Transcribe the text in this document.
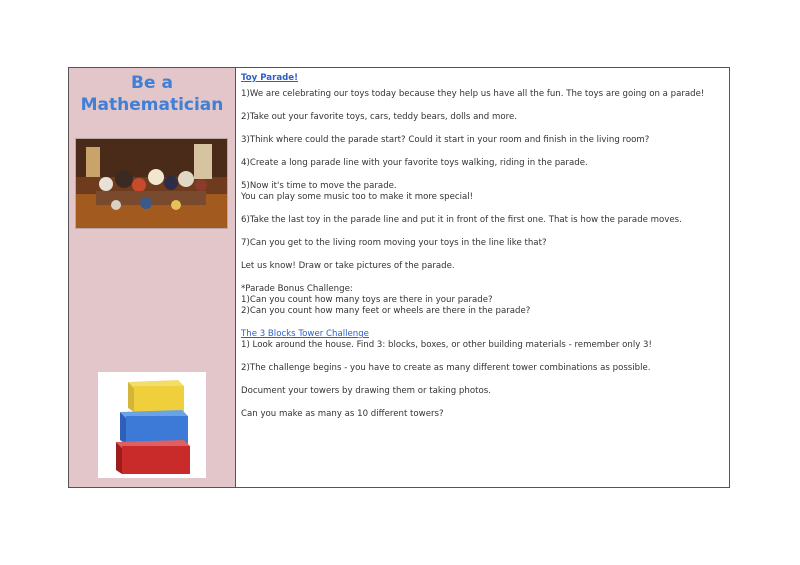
Be a
Mathematician

Toy Parade!

1)We are celebrating our toys today because they help us have all the fun. The toys are going on a parade!

2)Take out your favorite toys, cars, teddy bears, dolls and more.

3)Think where could the parade start? Could it start in your room and finish in the living room?

4)Create a long parade line with your favorite toys walking, riding in the parade.

5)Now it's time to move the parade.
You can play some music too to make it more special!

6)Take the last toy in the parade line and put it in front of the first one. That is how the parade moves.

7)Can you get to the living room moving your toys in the line like that?

Let us know! Draw or take pictures of the parade.

*Parade Bonus Challenge:
1)Can you count how many toys are there in your parade?
2)Can you count how many feet or wheels are there in the parade?

The 3 Blocks Tower Challenge
1) Look around the house. Find 3: blocks, boxes, or other building materials - remember only 3!

2)The challenge begins - you have to create as many different tower combinations as possible.

Document your towers by drawing them or taking photos.

Can you make as many as 10 different towers?
